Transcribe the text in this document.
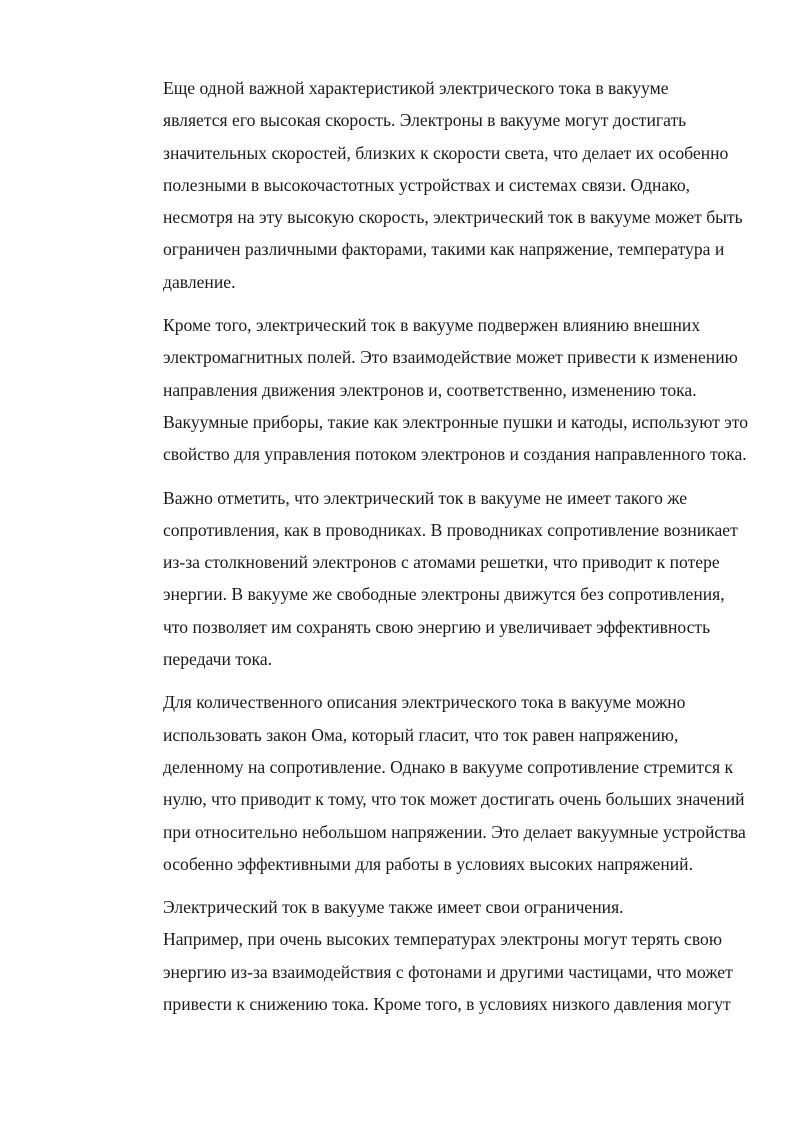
Еще одной важной характеристикой электрического тока в вакууме
является его высокая скорость. Электроны в вакууме могут достигать
значительных скоростей, близких к скорости света, что делает их особенно
полезными в высокочастотных устройствах и системах связи. Однако,
несмотря на эту высокую скорость, электрический ток в вакууме может быть
ограничен различными факторами, такими как напряжение, температура и
давление.

Кроме того, электрический ток в вакууме подвержен влиянию внешних
электромагнитных полей. Это взаимодействие может привести к изменению
направления движения электронов и, соответственно, изменению тока.
Вакуумные приборы, такие как электронные пушки и катоды, используют это
свойство для управления потоком электронов и создания направленного тока.

Важно отметить, что электрический ток в вакууме не имеет такого же
сопротивления, как в проводниках. В проводниках сопротивление возникает
из-за столкновений электронов с атомами решетки, что приводит к потере
энергии. В вакууме же свободные электроны движутся без сопротивления,
что позволяет им сохранять свою энергию и увеличивает эффективность
передачи тока.

Для количественного описания электрического тока в вакууме можно
использовать закон Ома, который гласит, что ток равен напряжению,
деленному на сопротивление. Однако в вакууме сопротивление стремится к
нулю, что приводит к тому, что ток может достигать очень больших значений
при относительно небольшом напряжении. Это делает вакуумные устройства
особенно эффективными для работы в условиях высоких напряжений.

Электрический ток в вакууме также имеет свои ограничения.
Например, при очень высоких температурах электроны могут терять свою
энергию из-за взаимодействия с фотонами и другими частицами, что может
привести к снижению тока. Кроме того, в условиях низкого давления могут
